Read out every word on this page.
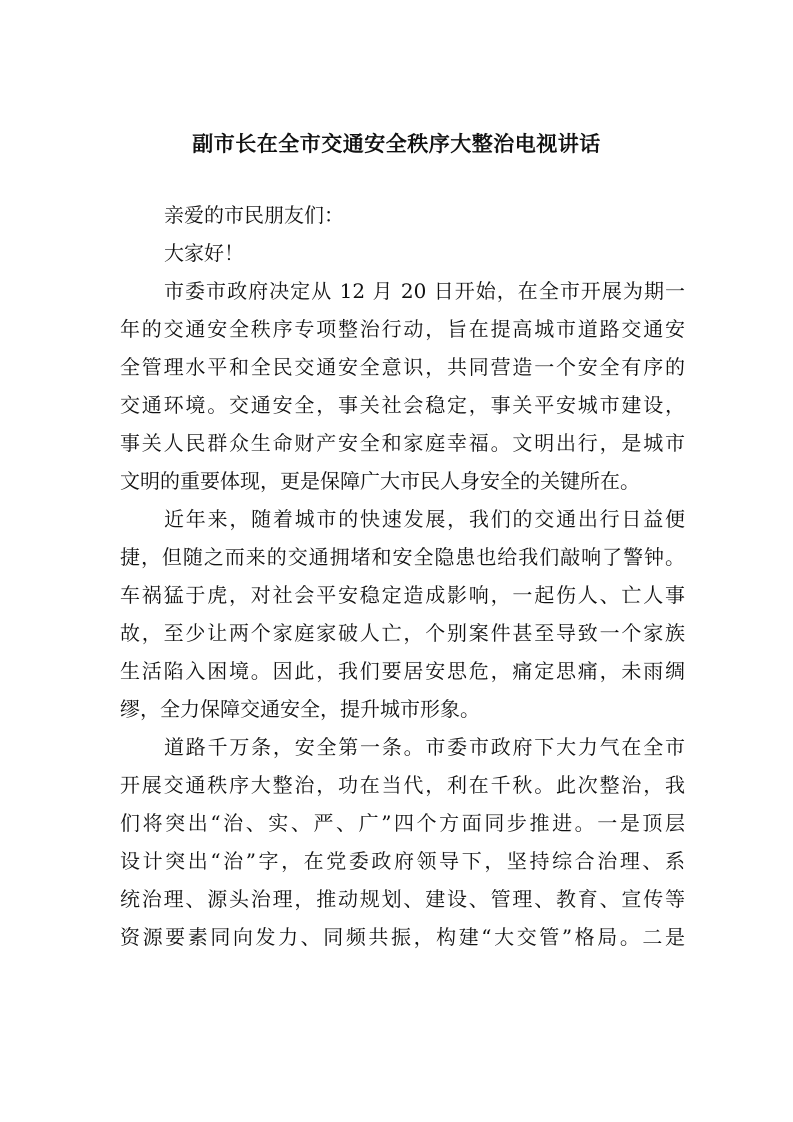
副市长在全市交通安全秩序大整治电视讲话
亲爱的市民朋友们：
大家好！
市委市政府决定从 12 月 20 日开始，在全市开展为期一
年的交通安全秩序专项整治行动，旨在提高城市道路交通安
全管理水平和全民交通安全意识，共同营造一个安全有序的
交通环境。交通安全，事关社会稳定，事关平安城市建设，
事关人民群众生命财产安全和家庭幸福。文明出行，是城市
文明的重要体现，更是保障广大市民人身安全的关键所在。
近年来，随着城市的快速发展，我们的交通出行日益便
捷，但随之而来的交通拥堵和安全隐患也给我们敲响了警钟。
车祸猛于虎，对社会平安稳定造成影响，一起伤人、亡人事
故，至少让两个家庭家破人亡，个别案件甚至导致一个家族
生活陷入困境。因此，我们要居安思危，痛定思痛，未雨绸
缪，全力保障交通安全，提升城市形象。
道路千万条，安全第一条。市委市政府下大力气在全市
开展交通秩序大整治，功在当代，利在千秋。此次整治，我
们将突出“治、实、严、广”四个方面同步推进。一是顶层
设计突出“治”字，在党委政府领导下，坚持综合治理、系
统治理、源头治理，推动规划、建设、管理、教育、宣传等
资源要素同向发力、同频共振，构建“大交管”格局。二是
